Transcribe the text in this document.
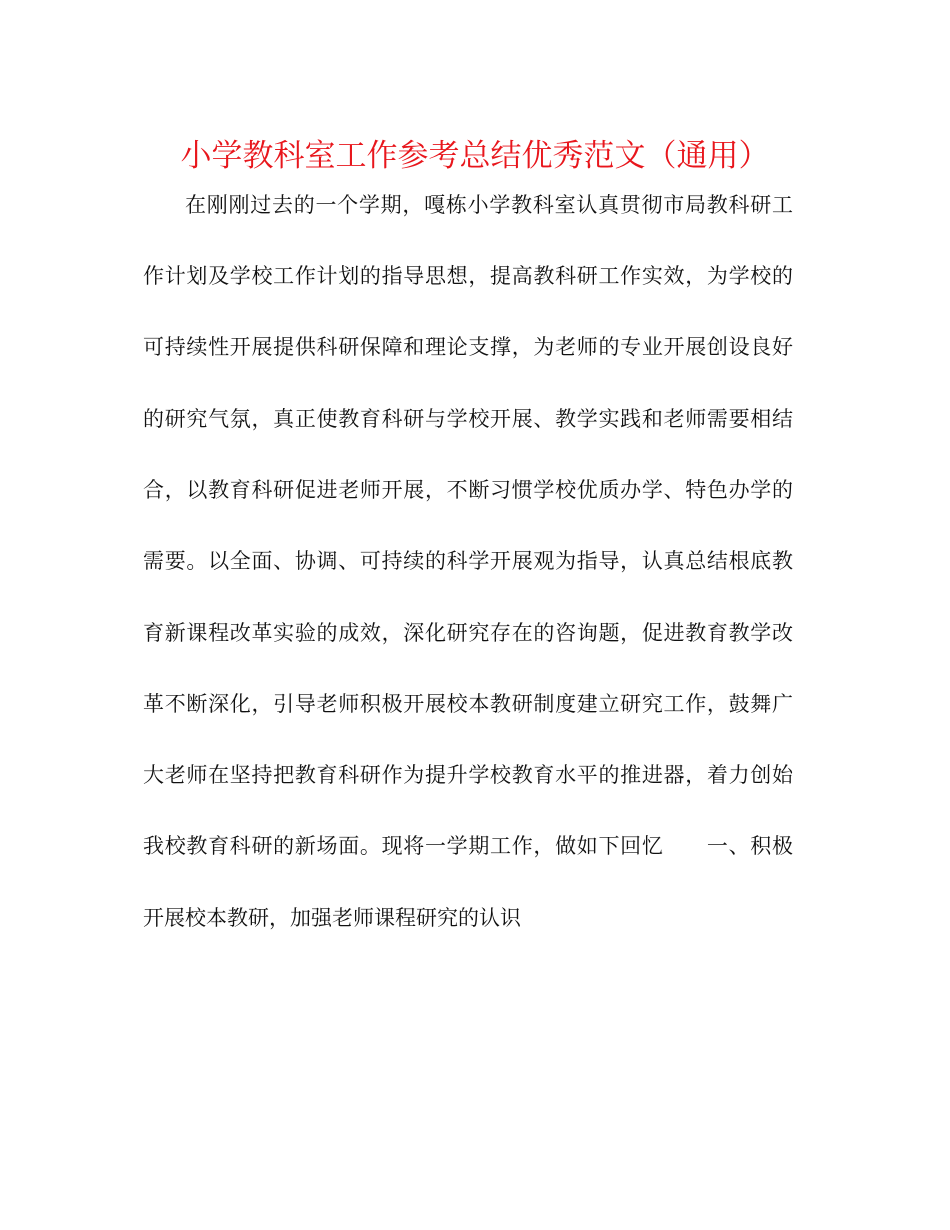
小学教科室工作参考总结优秀范文（通用）

在刚刚过去的一个学期，嘎栋小学教科室认真贯彻市局教科研工

作计划及学校工作计划的指导思想，提高教科研工作实效，为学校的

可持续性开展提供科研保障和理论支撑，为老师的专业开展创设良好

的研究气氛，真正使教育科研与学校开展、教学实践和老师需要相结

合，以教育科研促进老师开展，不断习惯学校优质办学、特色办学的

需要。以全面、协调、可持续的科学开展观为指导，认真总结根底教

育新课程改革实验的成效，深化研究存在的咨询题，促进教育教学改

革不断深化，引导老师积极开展校本教研制度建立研究工作，鼓舞广

大老师在坚持把教育科研作为提升学校教育水平的推进器，着力创始

我校教育科研的新场面。现将一学期工作，做如下回忆　　一、积极

开展校本教研，加强老师课程研究的认识
